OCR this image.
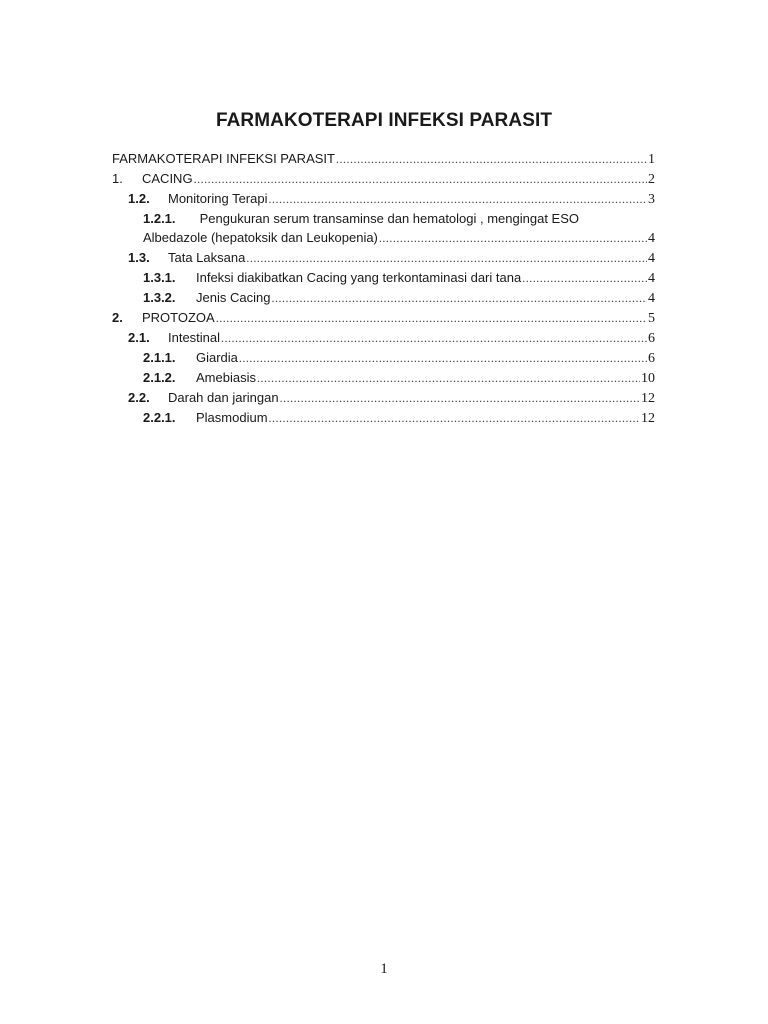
FARMAKOTERAPI INFEKSI PARASIT
FARMAKOTERAPI INFEKSI PARASIT .....	1
1.	CACING .....	2
1.2.	Monitoring Terapi .....	3
1.2.1. Pengukuran serum transaminse dan hematologi , mengingat ESO
Albedazole (hepatoksik dan Leukopenia) .....	4
1.3.	Tata Laksana .....	4
1.3.1.	Infeksi diakibatkan Cacing yang terkontaminasi dari tana .....	4
1.3.2.	Jenis Cacing .....	4
2.	PROTOZOA .....	5
2.1.	Intestinal .....	6
2.1.1.	Giardia .....	6
2.1.2.	Amebiasis .....	10
2.2.	Darah dan jaringan .....	12
2.2.1.	Plasmodium .....	12
1
